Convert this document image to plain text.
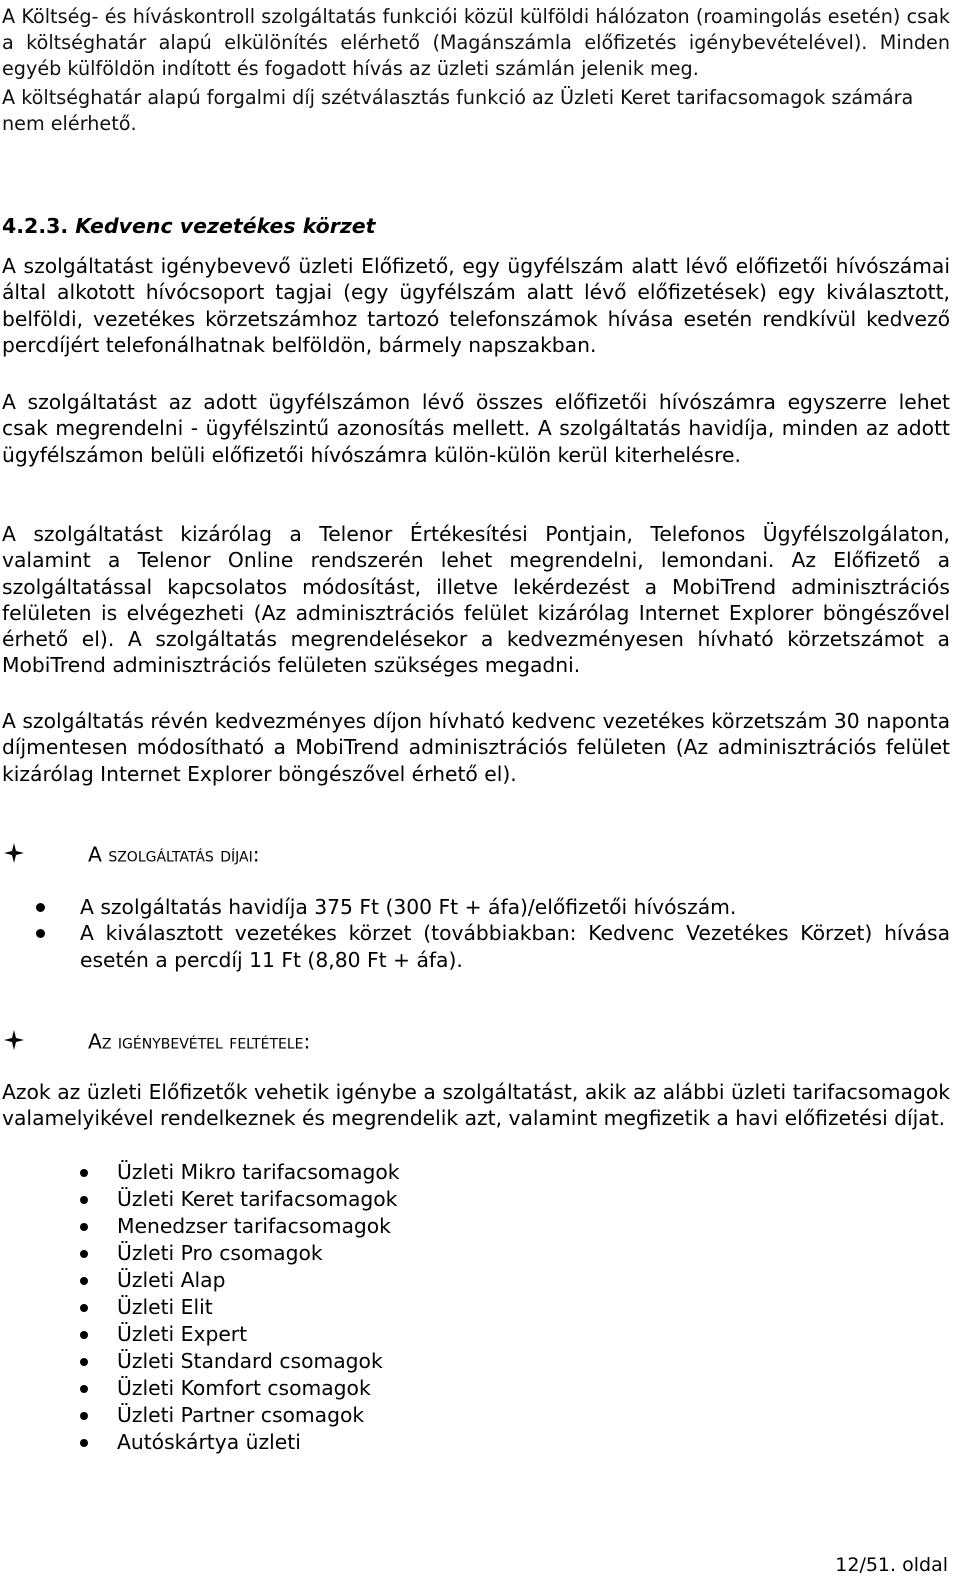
A Költség- és híváskontroll szolgáltatás funkciói közül külföldi hálózaton (roamingolás esetén) csak a költséghatár alapú elkülönítés elérhető (Magánszámla előfizetés igénybevételével). Minden egyéb külföldön indított és fogadott hívás az üzleti számlán jelenik meg.

A költséghatár alapú forgalmi díj szétválasztás funkció az Üzleti Keret tarifacsomagok számára nem elérhető.

4.2.3. Kedvenc vezetékes körzet

A szolgáltatást igénybevevő üzleti Előfizető, egy ügyfélszám alatt lévő előfizetői hívószámai által alkotott hívócsoport tagjai (egy ügyfélszám alatt lévő előfizetések) egy kiválasztott, belföldi, vezetékes körzetszámhoz tartozó telefonszámok hívása esetén rendkívül kedvező percdíjért telefonálhatnak belföldön, bármely napszakban.

A szolgáltatást az adott ügyfélszámon lévő összes előfizetői hívószámra egyszerre lehet csak megrendelni - ügyfélszintű azonosítás mellett. A szolgáltatás havidíja, minden az adott ügyfélszámon belüli előfizetői hívószámra külön-külön kerül kiterhelésre.

A szolgáltatást kizárólag a Telenor Értékesítési Pontjain, Telefonos Ügyfélszolgálaton, valamint a Telenor Online rendszerén lehet megrendelni, lemondani. Az Előfizető a szolgáltatással kapcsolatos módosítást, illetve lekérdezést a MobiTrend adminisztrációs felületen is elvégezheti (Az adminisztrációs felület kizárólag Internet Explorer böngészővel érhető el). A szolgáltatás megrendelésekor a kedvezményesen hívható körzetszámot a MobiTrend adminisztrációs felületen szükséges megadni.

A szolgáltatás révén kedvezményes díjon hívható kedvenc vezetékes körzetszám 30 naponta díjmentesen módosítható a MobiTrend adminisztrációs felületen (Az adminisztrációs felület kizárólag Internet Explorer böngészővel érhető el).

A szolgáltatás díjai:
A szolgáltatás havidíja 375 Ft (300 Ft + áfa)/előfizetői hívószám.
A kiválasztott vezetékes körzet (továbbiakban: Kedvenc Vezetékes Körzet) hívása esetén a percdíj 11 Ft (8,80 Ft + áfa).
Az igénybevétel feltétele:

Azok az üzleti Előfizetők vehetik igénybe a szolgáltatást, akik az alábbi üzleti tarifacsomagok valamelyikével rendelkeznek és megrendelik azt, valamint megfizetik a havi előfizetési díjat.

Üzleti Mikro tarifacsomagok
Üzleti Keret tarifacsomagok
Menedzser tarifacsomagok
Üzleti Pro csomagok
Üzleti Alap
Üzleti Elit
Üzleti Expert
Üzleti Standard csomagok
Üzleti Komfort csomagok
Üzleti Partner csomagok
Autóskártya üzleti
12/51. oldal
